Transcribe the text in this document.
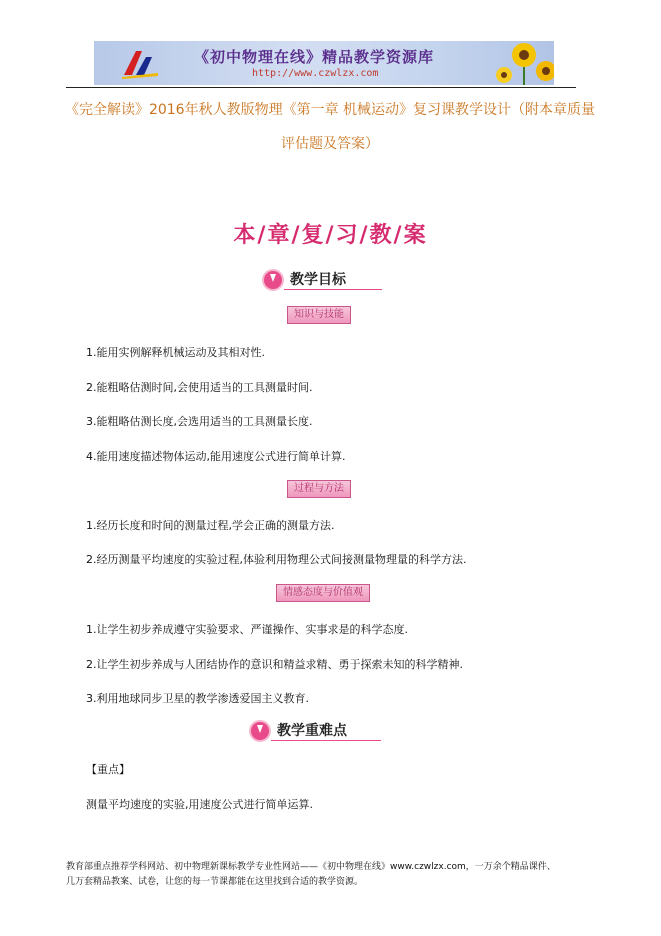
《初中物理在线》精品教学资源库
http://www.czwlzx.com
《完全解读》2016年秋人教版物理《第一章 机械运动》复习课教学设计（附本章质量评估题及答案）
本/章/复/习/教/案
教学目标
知识与技能
1.能用实例解释机械运动及其相对性.
2.能粗略估测时间,会使用适当的工具测量时间.
3.能粗略估测长度,会选用适当的工具测量长度.
4.能用速度描述物体运动,能用速度公式进行简单计算.
过程与方法
1.经历长度和时间的测量过程,学会正确的测量方法.
2.经历测量平均速度的实验过程,体验利用物理公式间接测量物理量的科学方法.
情感态度与价值观
1.让学生初步养成遵守实验要求、严谨操作、实事求是的科学态度.
2.让学生初步养成与人团结协作的意识和精益求精、勇于探索未知的科学精神.
3.利用地球同步卫星的教学渗透爱国主义教育.
教学重难点
【重点】
测量平均速度的实验,用速度公式进行简单运算.
教育部重点推荐学科网站、初中物理新课标教学专业性网站——《初中物理在线》www.czwlzx.com，一万余个精品课件、
几万套精品教案、试卷，让您的每一节课都能在这里找到合适的教学资源。
